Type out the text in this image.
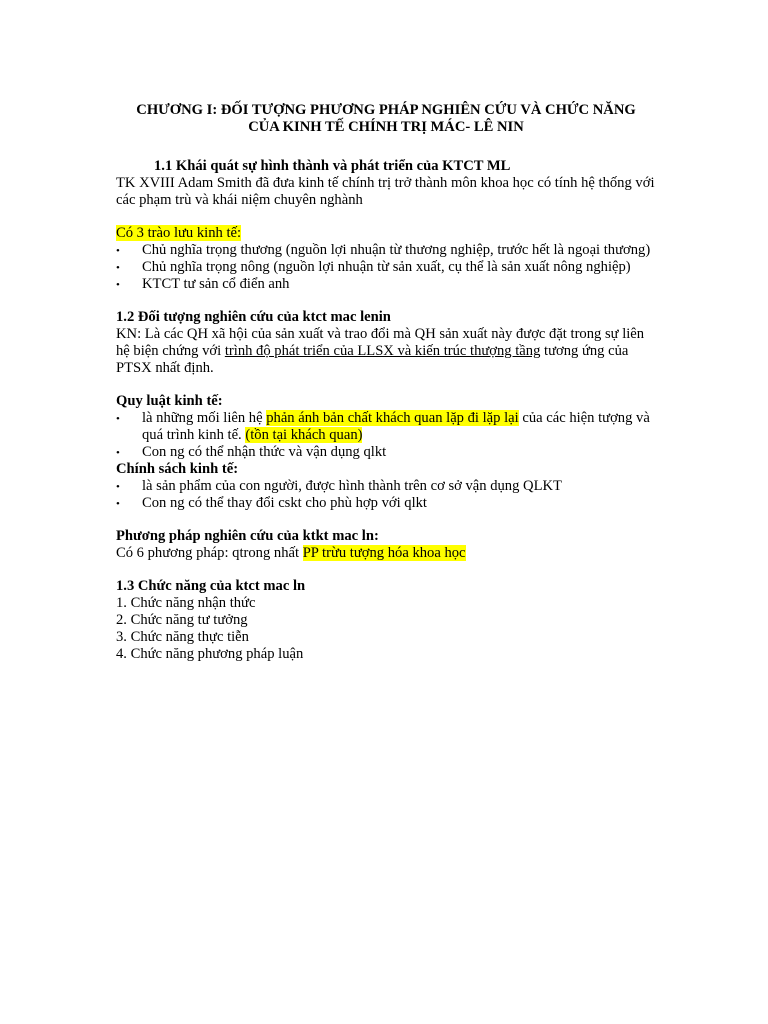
CHƯƠNG I: ĐỐI TƯỢNG PHƯƠNG PHÁP NGHIÊN CỨU VÀ CHỨC NĂNG
CỦA KINH TẾ CHÍNH TRỊ MÁC- LÊ NIN

1.1 Khái quát sự hình thành và phát triển của KTCT ML

TK XVIII Adam Smith đã đưa kinh tế chính trị trở thành môn khoa học có tính hệ thống với các phạm trù và khái niệm chuyên nghành

Có 3 trào lưu kinh tế:

• Chủ nghĩa trọng thương (nguồn lợi nhuận từ thương nghiệp, trước hết là ngoại thương)
• Chủ nghĩa trọng nông (nguồn lợi nhuận từ sản xuất, cụ thể là sản xuất nông nghiệp)
• KTCT tư sản cổ điển anh

1.2 Đối tượng nghiên cứu của ktct mac lenin

KN: Là các QH xã hội của sản xuất và trao đổi mà QH sản xuất này được đặt trong sự liên hệ biện chứng với trình độ phát triển của LLSX và kiến trúc thượng tầng tương ứng của PTSX nhất định.

Quy luật kinh tế:

• là những mối liên hệ phản ánh bản chất khách quan lặp đi lặp lại của các hiện tượng và quá trình kinh tế. (tồn tại khách quan)
• Con ng có thể nhận thức và vận dụng qlkt

Chính sách kinh tế:

• là sản phẩm của con người, được hình thành trên cơ sở vận dụng QLKT
• Con ng có thể thay đổi cskt cho phù hợp với qlkt

Phương pháp nghiên cứu của ktkt mac ln:

Có 6 phương pháp: qtrong nhất PP trừu tượng hóa khoa học

1.3 Chức năng của ktct mac ln

1. Chức năng nhận thức
2. Chức năng tư tưởng
3. Chức năng thực tiễn
4. Chức năng phương pháp luận
